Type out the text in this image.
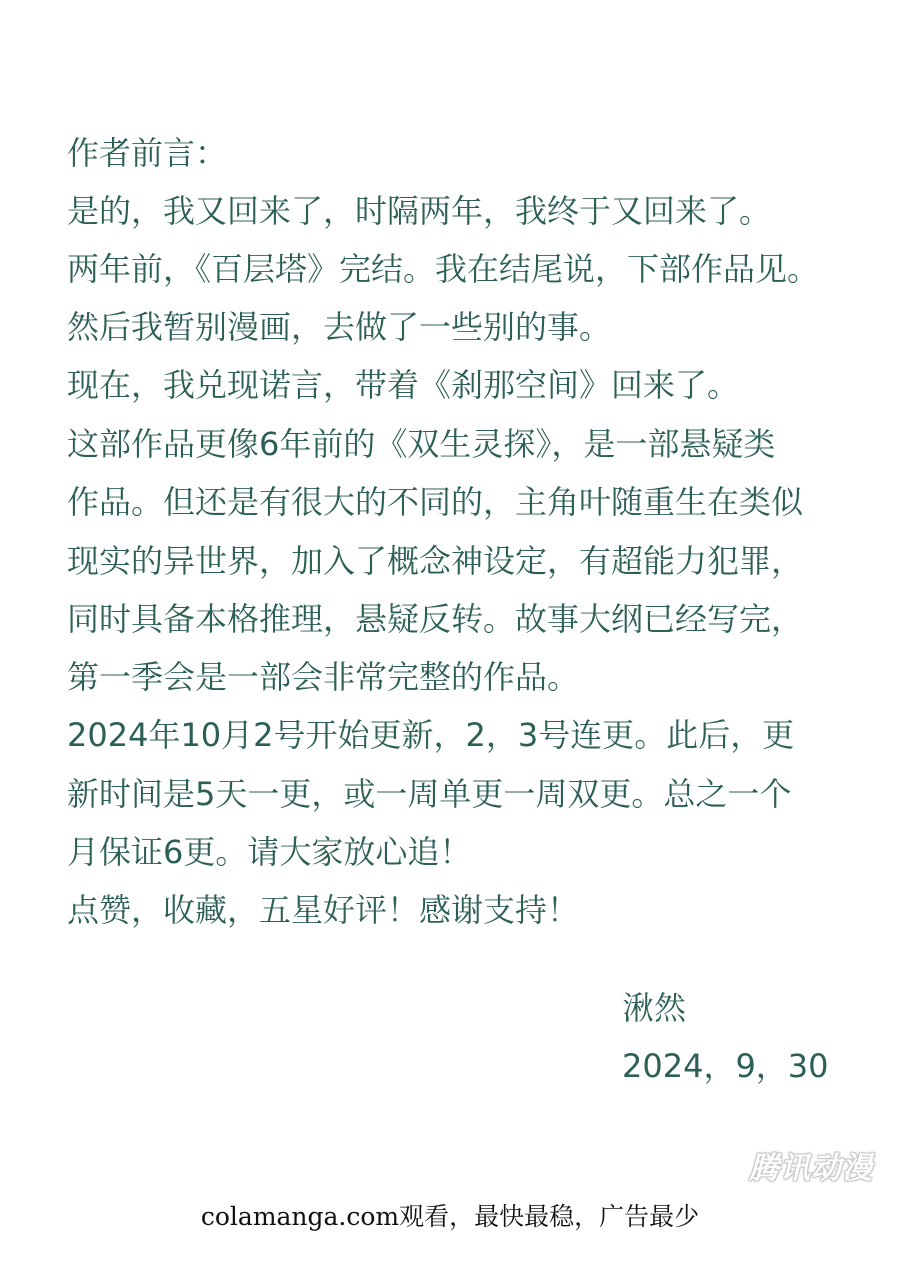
作者前言：
是的，我又回来了，时隔两年，我终于又回来了。
两年前，《百层塔》完结。我在结尾说，下部作品见。
然后我暂别漫画，去做了一些别的事。
现在，我兑现诺言，带着《刹那空间》回来了。
这部作品更像6年前的《双生灵探》，是一部悬疑类
作品。但还是有很大的不同的，主角叶随重生在类似
现实的异世界，加入了概念神设定，有超能力犯罪，
同时具备本格推理，悬疑反转。故事大纲已经写完，
第一季会是一部会非常完整的作品。
2024年10月2号开始更新，2，3号连更。此后，更
新时间是5天一更，或一周单更一周双更。总之一个
月保证6更。请大家放心追！
点赞，收藏，五星好评！感谢支持！
湫然
2024，9，30
腾讯动漫
colamanga.com观看，最快最稳，广告最少
